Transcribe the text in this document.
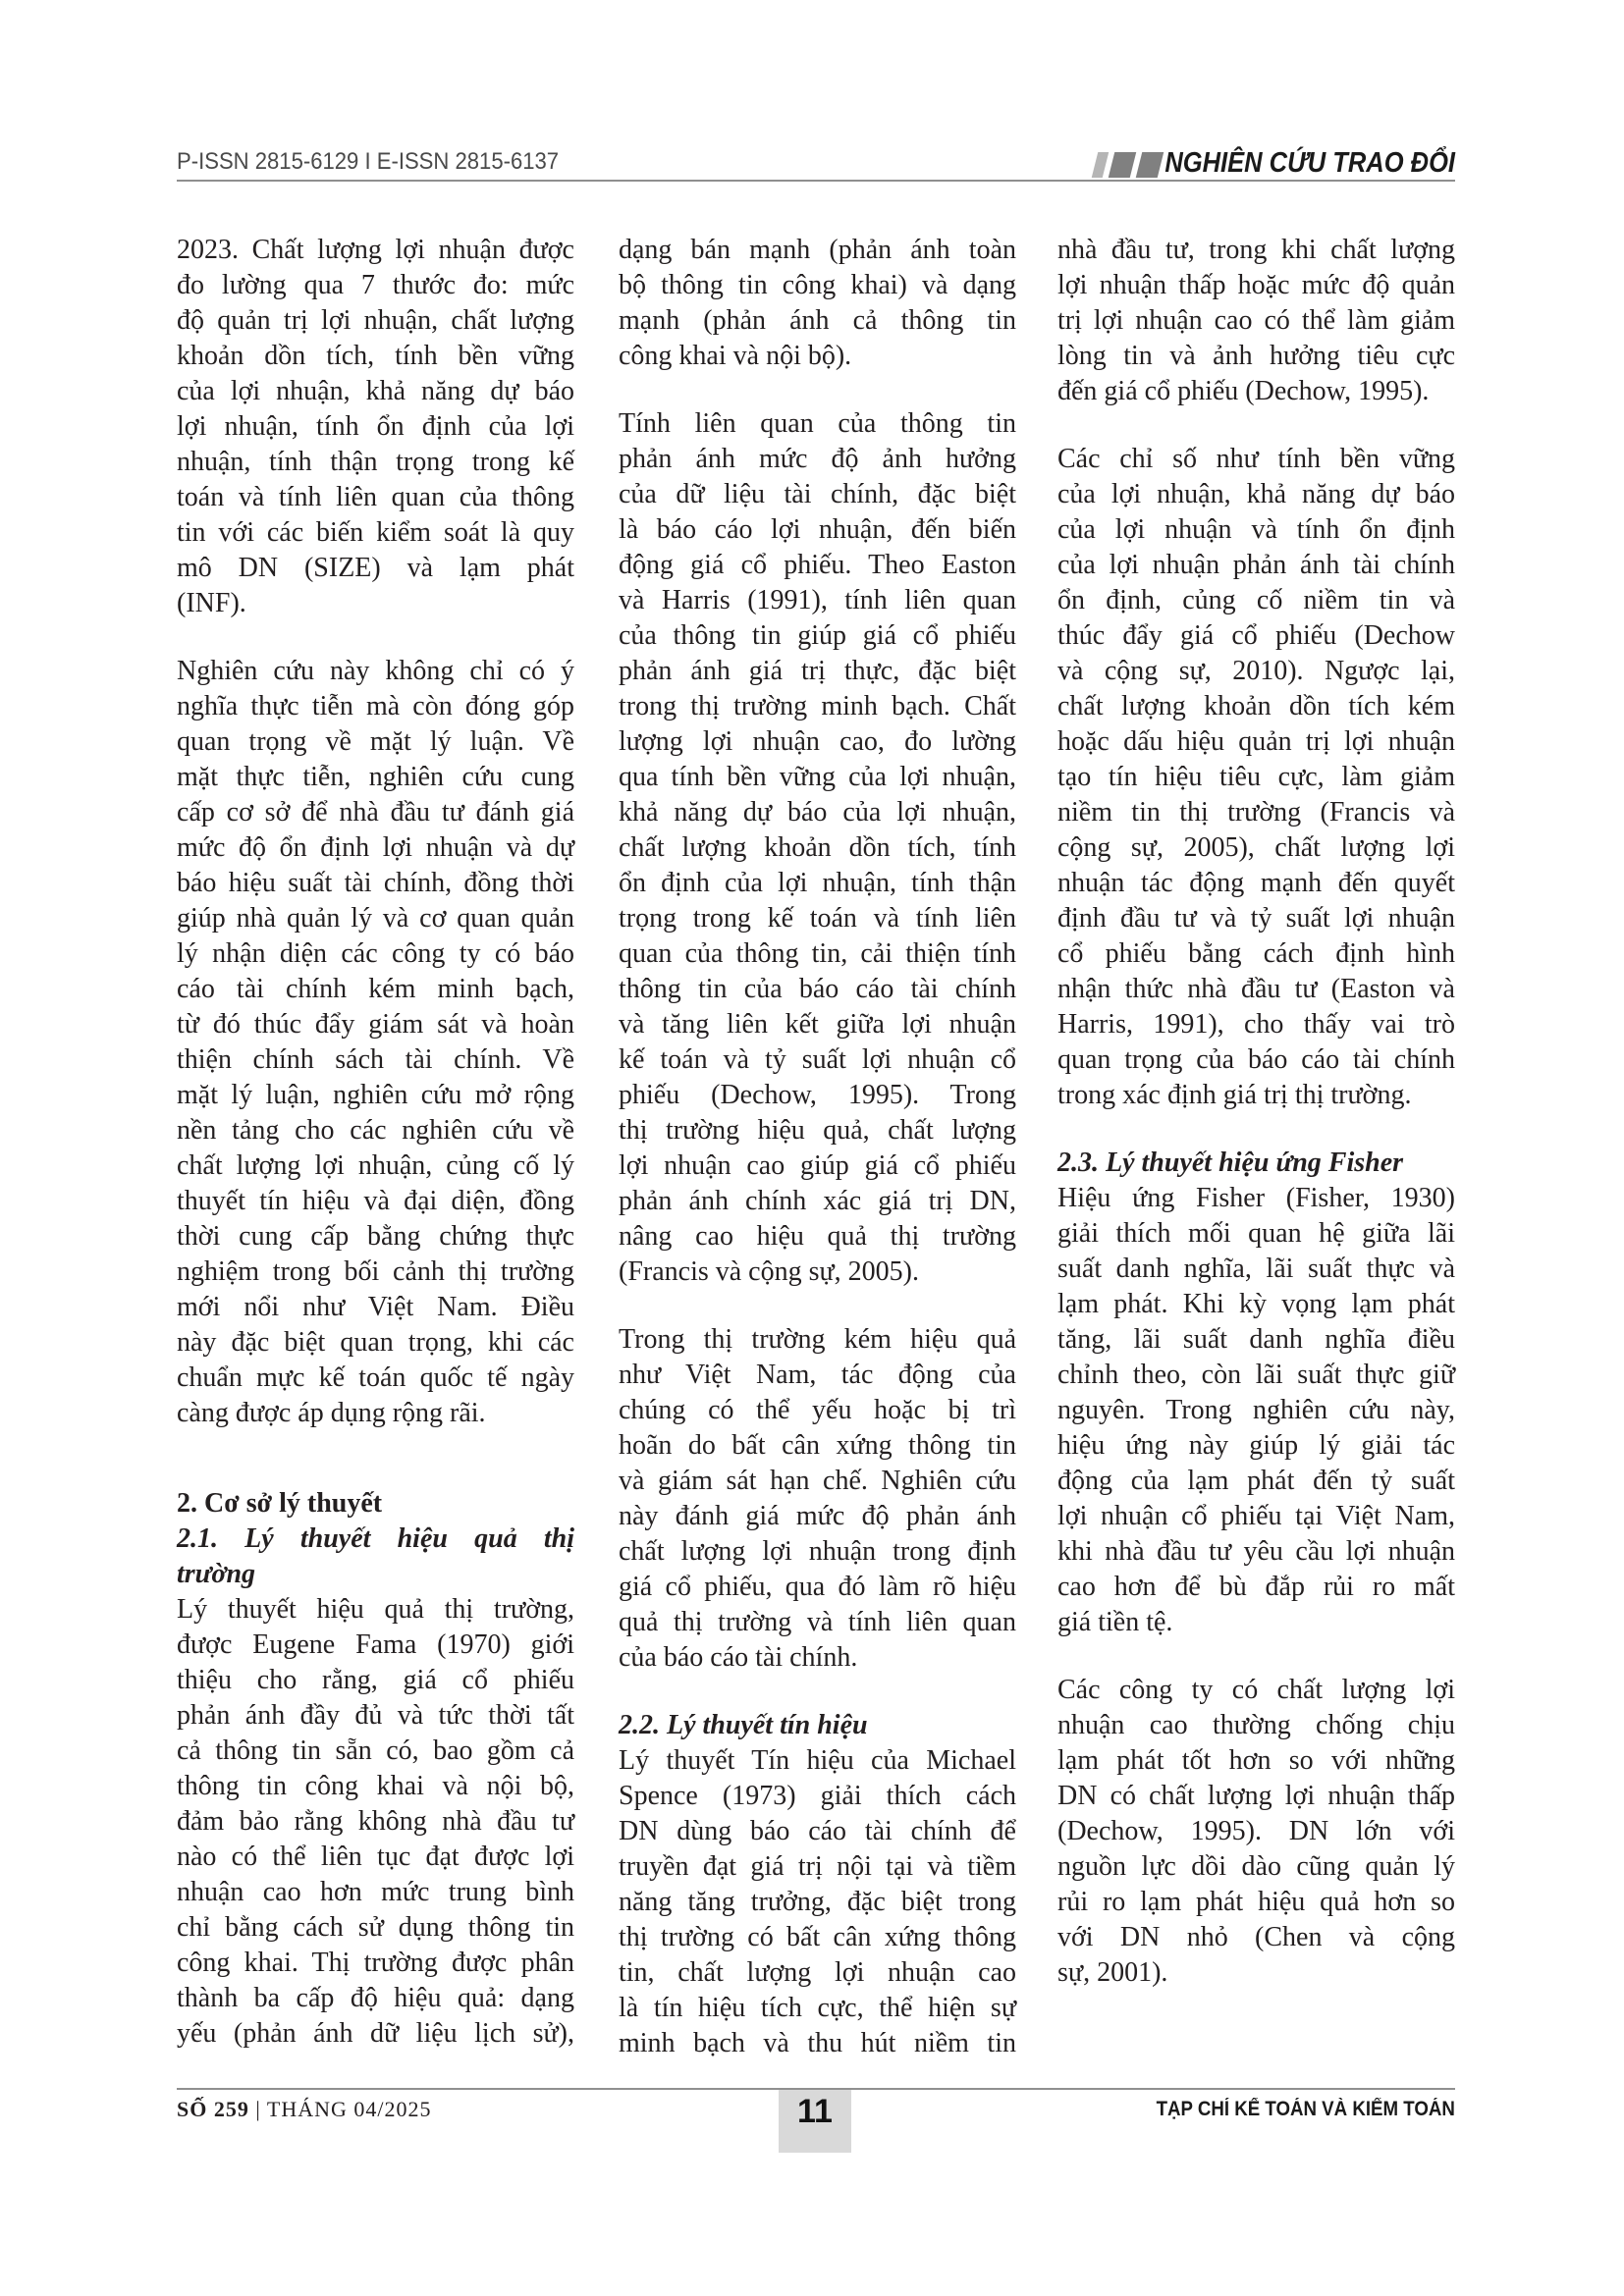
P-ISSN 2815-6129 I E-ISSN 2815-6137	NGHIÊN CỨU TRAO ĐỔI
2023. Chất lượng lợi nhuận được
đo lường qua 7 thước đo: mức
độ quản trị lợi nhuận, chất lượng
khoản dồn tích, tính bền vững
của lợi nhuận, khả năng dự báo
lợi nhuận, tính ổn định của lợi
nhuận, tính thận trọng trong kế
toán và tính liên quan của thông
tin với các biến kiểm soát là quy
mô DN (SIZE) và lạm phát
(INF).
Nghiên cứu này không chỉ có ý
nghĩa thực tiễn mà còn đóng góp
quan trọng về mặt lý luận. Về
mặt thực tiễn, nghiên cứu cung
cấp cơ sở để nhà đầu tư đánh giá
mức độ ổn định lợi nhuận và dự
báo hiệu suất tài chính, đồng thời
giúp nhà quản lý và cơ quan quản
lý nhận diện các công ty có báo
cáo tài chính kém minh bạch,
từ đó thúc đẩy giám sát và hoàn
thiện chính sách tài chính. Về
mặt lý luận, nghiên cứu mở rộng
nền tảng cho các nghiên cứu về
chất lượng lợi nhuận, củng cố lý
thuyết tín hiệu và đại diện, đồng
thời cung cấp bằng chứng thực
nghiệm trong bối cảnh thị trường
mới nổi như Việt Nam. Điều
này đặc biệt quan trọng, khi các
chuẩn mực kế toán quốc tế ngày
càng được áp dụng rộng rãi.
2. Cơ sở lý thuyết
2.1. Lý thuyết hiệu quả thị
trường
Lý thuyết hiệu quả thị trường,
được Eugene Fama (1970) giới
thiệu cho rằng, giá cổ phiếu
phản ánh đầy đủ và tức thời tất
cả thông tin sẵn có, bao gồm cả
thông tin công khai và nội bộ,
đảm bảo rằng không nhà đầu tư
nào có thể liên tục đạt được lợi
nhuận cao hơn mức trung bình
chỉ bằng cách sử dụng thông tin
công khai. Thị trường được phân
thành ba cấp độ hiệu quả: dạng
yếu (phản ánh dữ liệu lịch sử),
dạng bán mạnh (phản ánh toàn
bộ thông tin công khai) và dạng
mạnh (phản ánh cả thông tin
công khai và nội bộ).
Tính liên quan của thông tin
phản ánh mức độ ảnh hưởng
của dữ liệu tài chính, đặc biệt
là báo cáo lợi nhuận, đến biến
động giá cổ phiếu. Theo Easton
và Harris (1991), tính liên quan
của thông tin giúp giá cổ phiếu
phản ánh giá trị thực, đặc biệt
trong thị trường minh bạch. Chất
lượng lợi nhuận cao, đo lường
qua tính bền vững của lợi nhuận,
khả năng dự báo của lợi nhuận,
chất lượng khoản dồn tích, tính
ổn định của lợi nhuận, tính thận
trọng trong kế toán và tính liên
quan của thông tin, cải thiện tính
thông tin của báo cáo tài chính
và tăng liên kết giữa lợi nhuận
kế toán và tỷ suất lợi nhuận cổ
phiếu (Dechow, 1995). Trong
thị trường hiệu quả, chất lượng
lợi nhuận cao giúp giá cổ phiếu
phản ánh chính xác giá trị DN,
nâng cao hiệu quả thị trường
(Francis và cộng sự, 2005).
Trong thị trường kém hiệu quả
như Việt Nam, tác động của
chúng có thể yếu hoặc bị trì
hoãn do bất cân xứng thông tin
và giám sát hạn chế. Nghiên cứu
này đánh giá mức độ phản ánh
chất lượng lợi nhuận trong định
giá cổ phiếu, qua đó làm rõ hiệu
quả thị trường và tính liên quan
của báo cáo tài chính.
2.2. Lý thuyết tín hiệu
Lý thuyết Tín hiệu của Michael
Spence (1973) giải thích cách
DN dùng báo cáo tài chính để
truyền đạt giá trị nội tại và tiềm
năng tăng trưởng, đặc biệt trong
thị trường có bất cân xứng thông
tin, chất lượng lợi nhuận cao
là tín hiệu tích cực, thể hiện sự
minh bạch và thu hút niềm tin
nhà đầu tư, trong khi chất lượng
lợi nhuận thấp hoặc mức độ quản
trị lợi nhuận cao có thể làm giảm
lòng tin và ảnh hưởng tiêu cực
đến giá cổ phiếu (Dechow, 1995).
Các chỉ số như tính bền vững
của lợi nhuận, khả năng dự báo
của lợi nhuận và tính ổn định
của lợi nhuận phản ánh tài chính
ổn định, củng cố niềm tin và
thúc đẩy giá cổ phiếu (Dechow
và cộng sự, 2010). Ngược lại,
chất lượng khoản dồn tích kém
hoặc dấu hiệu quản trị lợi nhuận
tạo tín hiệu tiêu cực, làm giảm
niềm tin thị trường (Francis và
cộng sự, 2005), chất lượng lợi
nhuận tác động mạnh đến quyết
định đầu tư và tỷ suất lợi nhuận
cổ phiếu bằng cách định hình
nhận thức nhà đầu tư (Easton và
Harris, 1991), cho thấy vai trò
quan trọng của báo cáo tài chính
trong xác định giá trị thị trường.
2.3. Lý thuyết hiệu ứng Fisher
Hiệu ứng Fisher (Fisher, 1930)
giải thích mối quan hệ giữa lãi
suất danh nghĩa, lãi suất thực và
lạm phát. Khi kỳ vọng lạm phát
tăng, lãi suất danh nghĩa điều
chỉnh theo, còn lãi suất thực giữ
nguyên. Trong nghiên cứu này,
hiệu ứng này giúp lý giải tác
động của lạm phát đến tỷ suất
lợi nhuận cổ phiếu tại Việt Nam,
khi nhà đầu tư yêu cầu lợi nhuận
cao hơn để bù đắp rủi ro mất
giá tiền tệ.
Các công ty có chất lượng lợi
nhuận cao thường chống chịu
lạm phát tốt hơn so với những
DN có chất lượng lợi nhuận thấp
(Dechow, 1995). DN lớn với
nguồn lực dồi dào cũng quản lý
rủi ro lạm phát hiệu quả hơn so
với DN nhỏ (Chen và cộng
sự, 2001).
SỐ 259 | THÁNG 04/2025	11	TẠP CHÍ KẾ TOÁN VÀ KIỂM TOÁN
